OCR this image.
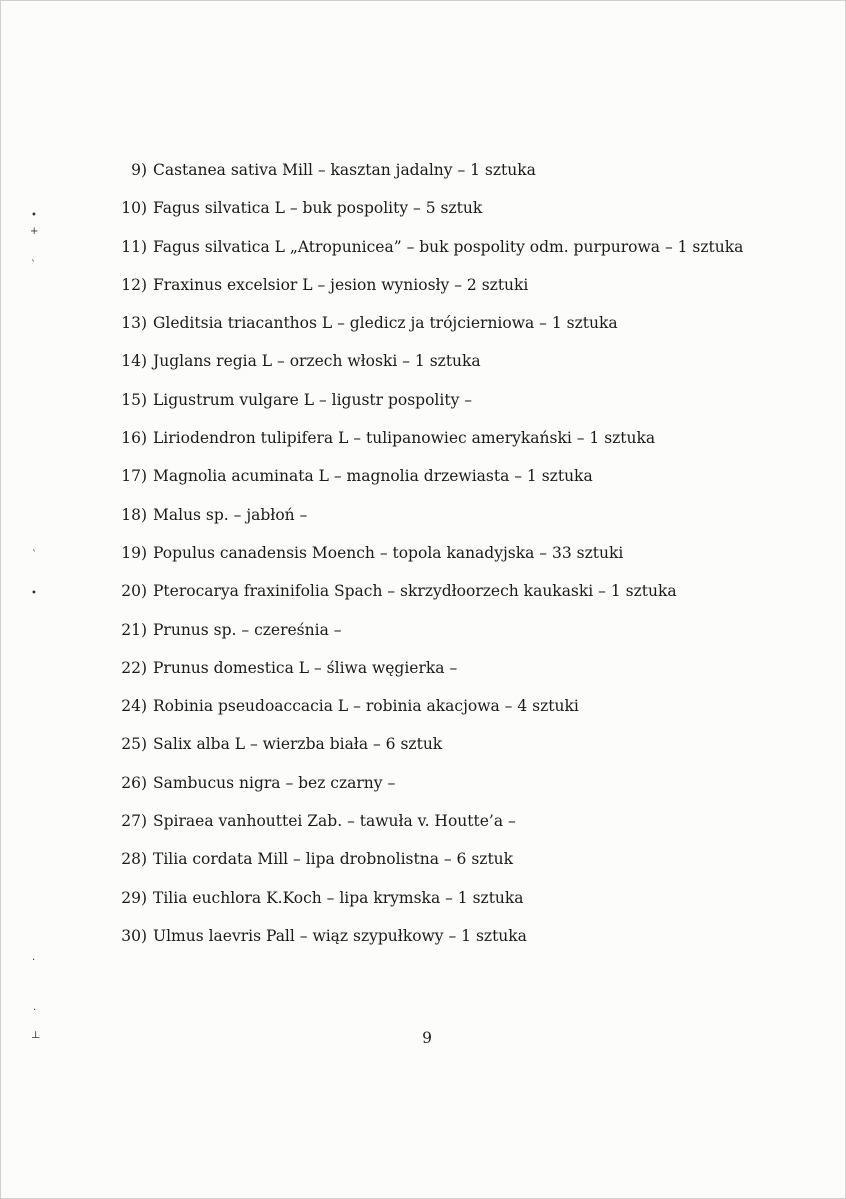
9) Castanea sativa Mill – kasztan jadalny – 1 sztuka
10) Fagus silvatica L – buk pospolity – 5 sztuk
11) Fagus silvatica L „Atropunicea” – buk pospolity odm. purpurowa – 1 sztuka
12) Fraxinus excelsior L – jesion wyniosły – 2 sztuki
13) Gleditsia triacanthos L – gledicz ja trójcierniowa – 1 sztuka
14) Juglans regia L – orzech włoski – 1 sztuka
15) Ligustrum vulgare L – ligustr pospolity –
16) Liriodendron tulipifera L – tulipanowiec amerykański – 1 sztuka
17) Magnolia acuminata L – magnolia drzewiasta – 1 sztuka
18) Malus sp. – jabłoń –
19) Populus canadensis Moench – topola kanadyjska – 33 sztuki
20) Pterocarya fraxinifolia Spach – skrzydłoorzech kaukaski – 1 sztuka
21) Prunus sp. – czereśnia –
22) Prunus domestica L – śliwa węgierka –
24) Robinia pseudoaccacia L – robinia akacjowa – 4 sztuki
25) Salix alba L – wierzba biała – 6 sztuk
26) Sambucus nigra – bez czarny –
27) Spiraea vanhouttei Zab. – tawuła v. Houtte’a –
28) Tilia cordata Mill – lipa drobnolistna – 6 sztuk
29) Tilia euchlora K.Koch – lipa krymska – 1 sztuka
30) Ulmus laevris Pall – wiąz szypułkowy – 1 sztuka
9
•
+
`
`
•
·
·
⊥
